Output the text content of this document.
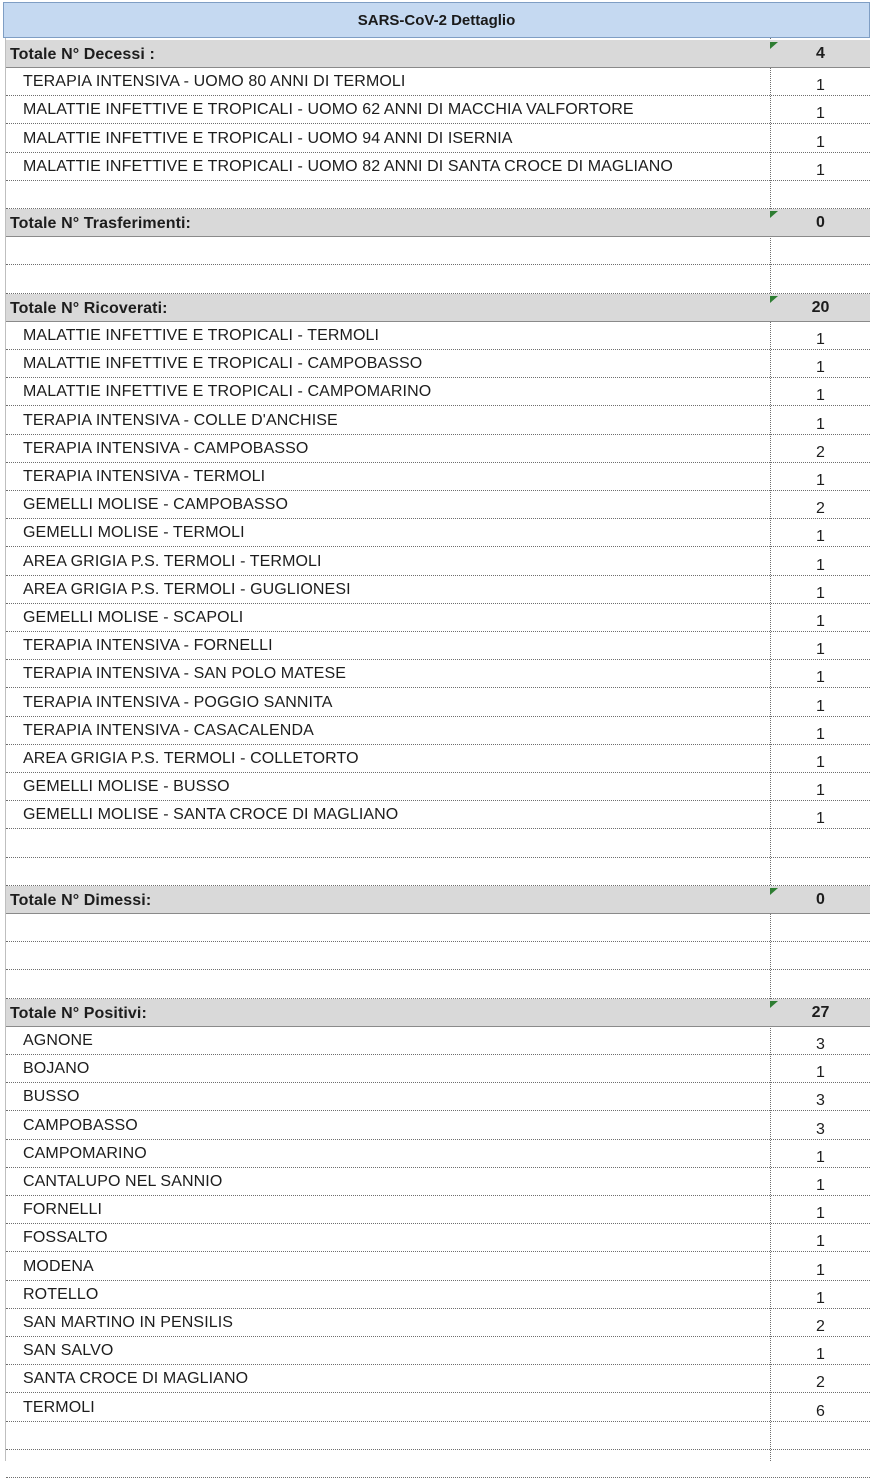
SARS-CoV-2 Dettaglio
Totale N° Decessi :	4
TERAPIA INTENSIVA - UOMO 80 ANNI DI TERMOLI	1
MALATTIE INFETTIVE E TROPICALI - UOMO 62 ANNI DI MACCHIA VALFORTORE	1
MALATTIE INFETTIVE E TROPICALI - UOMO 94 ANNI DI ISERNIA	1
MALATTIE INFETTIVE E TROPICALI - UOMO 82 ANNI DI SANTA CROCE DI MAGLIANO	1
Totale N° Trasferimenti:	0
Totale N° Ricoverati:	20
MALATTIE INFETTIVE E TROPICALI - TERMOLI	1
MALATTIE INFETTIVE E TROPICALI - CAMPOBASSO	1
MALATTIE INFETTIVE E TROPICALI - CAMPOMARINO	1
TERAPIA INTENSIVA - COLLE D'ANCHISE	1
TERAPIA INTENSIVA - CAMPOBASSO	2
TERAPIA INTENSIVA - TERMOLI	1
GEMELLI MOLISE - CAMPOBASSO	2
GEMELLI MOLISE - TERMOLI	1
AREA GRIGIA P.S. TERMOLI - TERMOLI	1
AREA GRIGIA P.S. TERMOLI - GUGLIONESI	1
GEMELLI MOLISE - SCAPOLI	1
TERAPIA INTENSIVA - FORNELLI	1
TERAPIA INTENSIVA - SAN POLO MATESE	1
TERAPIA INTENSIVA - POGGIO SANNITA	1
TERAPIA INTENSIVA - CASACALENDA	1
AREA GRIGIA P.S. TERMOLI - COLLETORTO	1
GEMELLI MOLISE - BUSSO	1
GEMELLI MOLISE - SANTA CROCE DI MAGLIANO	1
Totale N° Dimessi:	0
Totale N° Positivi:	27
AGNONE	3
BOJANO	1
BUSSO	3
CAMPOBASSO	3
CAMPOMARINO	1
CANTALUPO NEL SANNIO	1
FORNELLI	1
FOSSALTO	1
MODENA	1
ROTELLO	1
SAN MARTINO IN PENSILIS	2
SAN SALVO	1
SANTA CROCE DI MAGLIANO	2
TERMOLI	6
